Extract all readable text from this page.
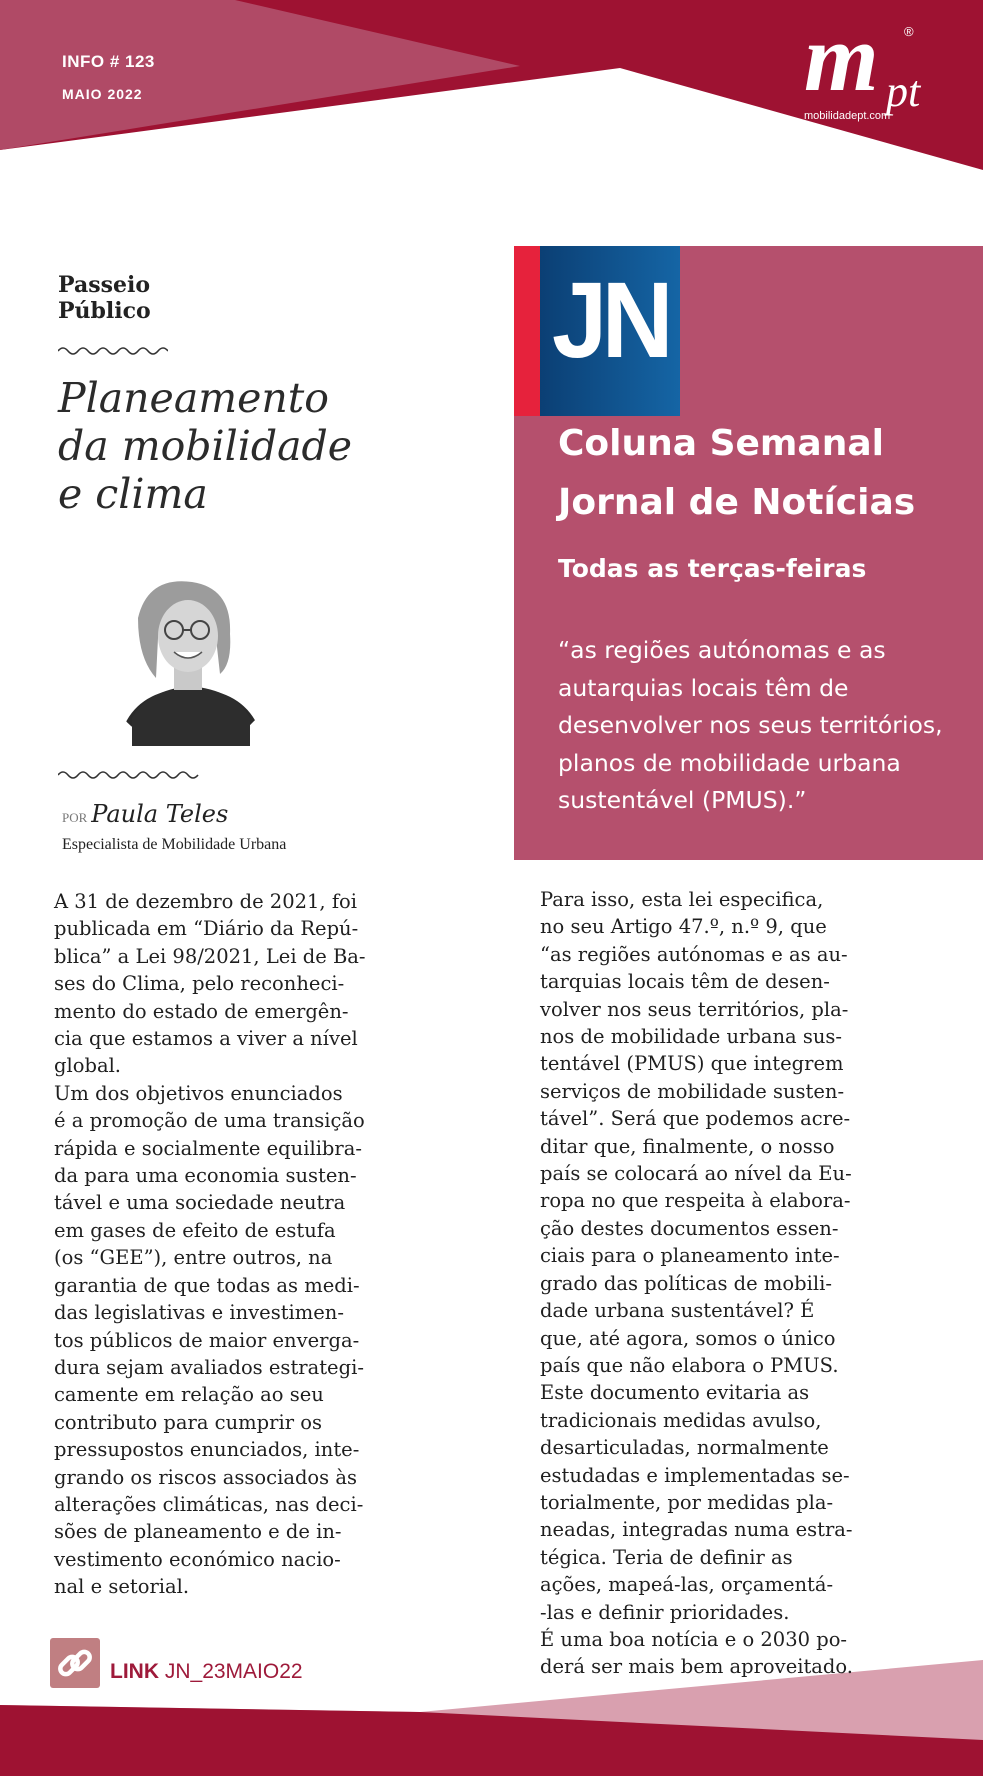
INFO # 123
MAIO 2022	m pt
®
mobilidadept.com
Passeio
Público
Planeamento
da mobilidade
e clima
POR Paula Teles
Especialista de Mobilidade Urbana

A 31 de dezembro de 2021, foi
publicada em “Diário da Repú-
blica” a Lei 98/2021, Lei de Ba-
ses do Clima, pelo reconheci-
mento do estado de emergên-
cia que estamos a viver a nível
global.
Um dos objetivos enunciados
é a promoção de uma transição
rápida e socialmente equilibra-
da para uma economia susten-
tável e uma sociedade neutra
em gases de efeito de estufa
(os “GEE”), entre outros, na
garantia de que todas as medi-
das legislativas e investimen-
tos públicos de maior envergа-
dura sejam avaliados estrategi-
camente em relação ao seu
contributo para cumprir os
pressupostos enunciados, inte-
grando os riscos associados às
alterações climáticas, nas deci-
sões de planeamento e de in-
vestimento económico nacio-
nal e setorial.

JN
Coluna Semanal
Jornal de Notícias
Todas as terças-feiras
“as regiões autónomas e as autarquias locais têm de desenvolver nos seus territórios, planos de mobilidade urbana sustentável (PMUS).”

Para isso, esta lei especifica,
no seu Artigo 47.º, n.º 9, que
“as regiões autónomas e as au-
tarquias locais têm de desen-
volver nos seus territórios, pla-
nos de mobilidade urbana sus-
tentável (PMUS) que integrem
serviços de mobilidade susten-
tável”. Será que podemos acre-
ditar que, finalmente, o nosso
país se colocará ao nível da Eu-
ropa no que respeita à elabora-
ção destes documentos essen-
ciais para o planeamento inte-
grado das políticas de mobili-
dade urbana sustentável? É
que, até agora, somos o único
país que não elabora o PMUS.
Este documento evitaria as
tradicionais medidas avulso,
desarticuladas, normalmente
estudadas e implementadas se-
torialmente, por medidas pla-
neadas, integradas numa estra-
tégica. Teria de definir as
ações, mapeá-las, orçamentá-
-las e definir prioridades.
É uma boa notícia e o 2030 po-
derá ser mais bem aproveitado.

LINK JN_23MAIO22
